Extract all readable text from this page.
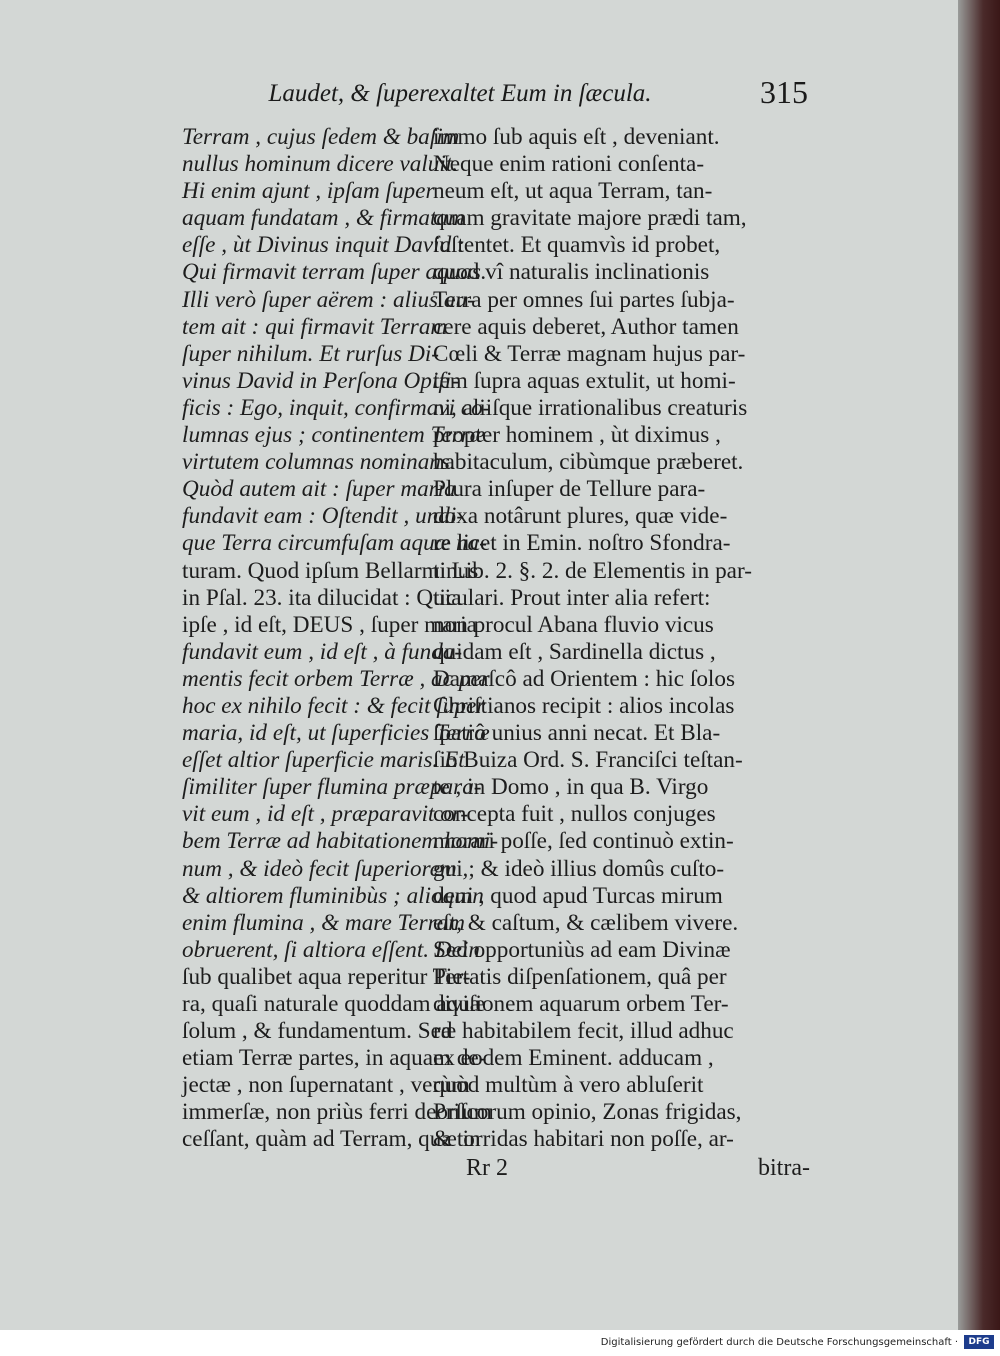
Laudet, & ſuperexaltet Eum in ſæcula.	315
Terram , cujus ſedem & baſim
nullus hominum dicere valuit.
Hi enim ajunt , ipſam ſuper
aquam fundatam , & firmatam
eſſe , ùt Divinus inquit David :
Qui firmavit terram ſuper aquas.
Illi verò ſuper aërem : alius au-
tem ait : qui firmavit Terram
ſuper nihilum. Et rurſus Di-
vinus David in Perſona Opifi-
ficis : Ego, inquit, confirmavi co-
lumnas ejus ; continentem Terræ
virtutem columnas nominans.
Quòd autem ait : ſuper maria
fundavit eam : Oſtendit , undi-
que Terra circumfuſam aquæ na-
turam. Quod ipſum Bellarminus
in Pſal. 23. ita dilucidat : Quia
ipſe , id eſt, DEUS , ſuper maria
fundavit eum , id eſt , à funda-
mentis fecit orbem Terræ , ac per
hoc ex nihilo fecit : & fecit ſuper
maria, id eſt, ut ſuperficies Terræ
eſſet altior ſuperficie maris. Et
ſimiliter ſuper flumina præpara-
vit eum , id eſt , præparavit or-
bem Terræ ad habitationem homi-
num , & ideò fecit ſuperiorem ,
& altiorem fluminibùs ; alioquin
enim flumina , & mare Terram
obruerent, ſi altiora eſſent. Dein
ſub qualibet aqua reperitur Ter-
ra, quaſi naturale quoddam aquæ
ſolum , & fundamentum. Sed
etiam Terræ partes, in aquam de-
jectæ , non ſupernatant , verùm
immerſæ, non priùs ferri deorſum
ceſſant, quàm ad Terram, quæ in
immo ſub aquis eſt , deveniant.
Neque enim rationi conſenta-
neum eſt, ut aqua Terram, tan-
quam gravitate majore prædi tam,
ſuſtentet. Et quamvìs id probet,
quod vî naturalis inclinationis
Terra per omnes ſui partes ſubja-
cere aquis deberet, Author tamen
Cœli & Terræ magnam hujus par-
tem ſupra aquas extulit, ut homi-
ni, aliiſque irrationalibus creaturis
propter hominem , ùt diximus ,
habitaculum, cibùmque præberet.
Plura inſuper de Tellure para-
doxa notârunt plures, quæ vide-
re licet in Emin. noſtro Sfondra-
ti Lib. 2. §. 2. de Elementis in par-
ticulari. Prout inter alia refert:
non procul Abana fluvio vicus
quidam eſt , Sardinella dictus ,
Damaſcô ad Orientem : hic ſolos
Chriſtianos recipit : alios incolas
ſpatiô unius anni necat. Et Bla-
ſio Buiza Ord. S. Franciſci teſtan-
te , in Domo , in qua B. Virgo
concepta fuit , nullos conjuges
morari poſſe, ſed continuò extin-
gui ; & ideò illius domûs cuſto-
dem , quod apud Turcas mirum
eſt, & caſtum, & cælibem vivere.
Sed opportuniùs ad eam Divinæ
Pietatis diſpenſationem, quâ per
diviſionem aquarum orbem Ter-
ræ habitabilem fecit, illud adhuc
ex eodem Eminent. adducam ,
quòd multùm à vero abluſerit
Priſcorum opinio, Zonas frigidas,
& torridas habitari non poſſe, ar-
Rr 2	bitra-
Digitalisierung gefördert durch die Deutsche Forschungsgemeinschaft ·	DFG
